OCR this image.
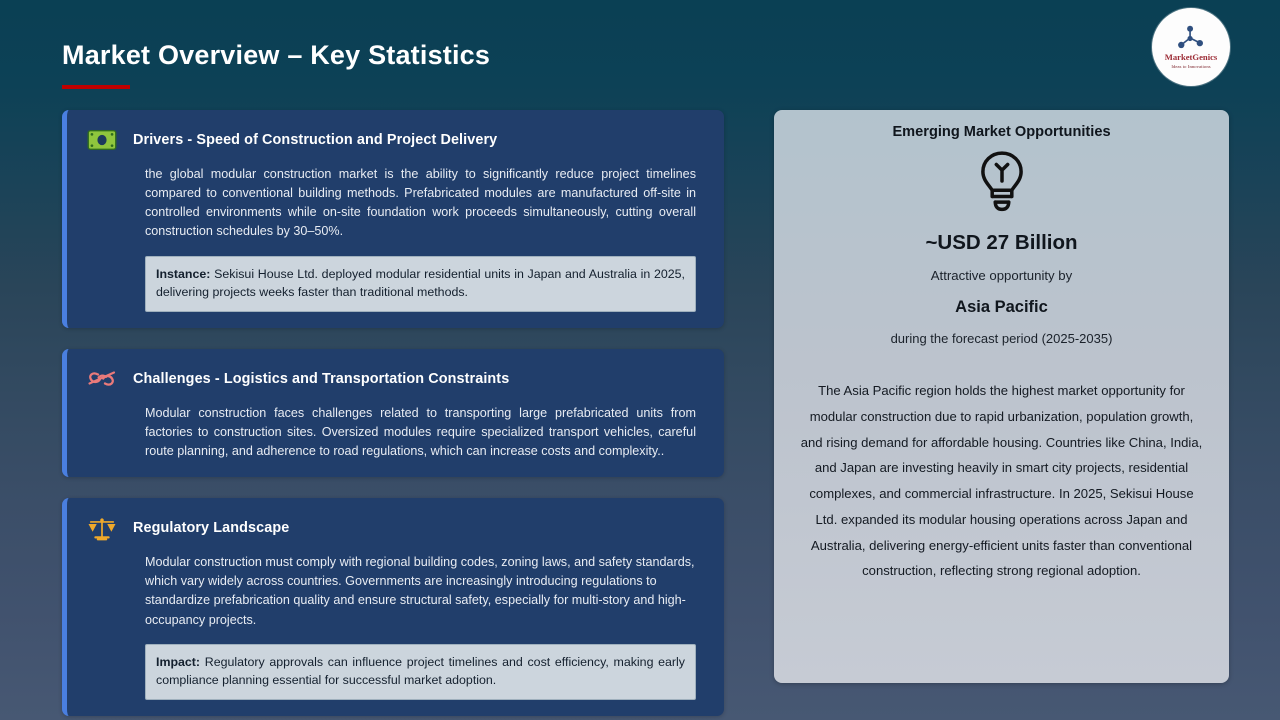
Market Overview – Key Statistics	MarketGenics
Ideas to Innovations
Drivers - Speed of Construction and Project Delivery
the global modular construction market is the ability to significantly reduce project timelines compared to conventional building methods. Prefabricated modules are manufactured off-site in controlled environments while on-site foundation work proceeds simultaneously, cutting overall construction schedules by 30–50%.
Instance: Sekisui House Ltd. deployed modular residential units in Japan and Australia in 2025, delivering projects weeks faster than traditional methods.
Challenges - Logistics and Transportation Constraints
Modular construction faces challenges related to transporting large prefabricated units from factories to construction sites. Oversized modules require specialized transport vehicles, careful route planning, and adherence to road regulations, which can increase costs and complexity..
Regulatory Landscape
Modular construction must comply with regional building codes, zoning laws, and safety standards, which vary widely across countries. Governments are increasingly introducing regulations to standardize prefabrication quality and ensure structural safety, especially for multi-story and high-occupancy projects.
Impact: Regulatory approvals can influence project timelines and cost efficiency, making early compliance planning essential for successful market adoption.
Emerging Market Opportunities
~USD 27 Billion
Attractive opportunity by
Asia Pacific
during the forecast period (2025-2035)
The Asia Pacific region holds the highest market opportunity for modular construction due to rapid urbanization, population growth, and rising demand for affordable housing. Countries like China, India, and Japan are investing heavily in smart city projects, residential complexes, and commercial infrastructure. In 2025, Sekisui House Ltd. expanded its modular housing operations across Japan and Australia, delivering energy-efficient units faster than conventional construction, reflecting strong regional adoption.
